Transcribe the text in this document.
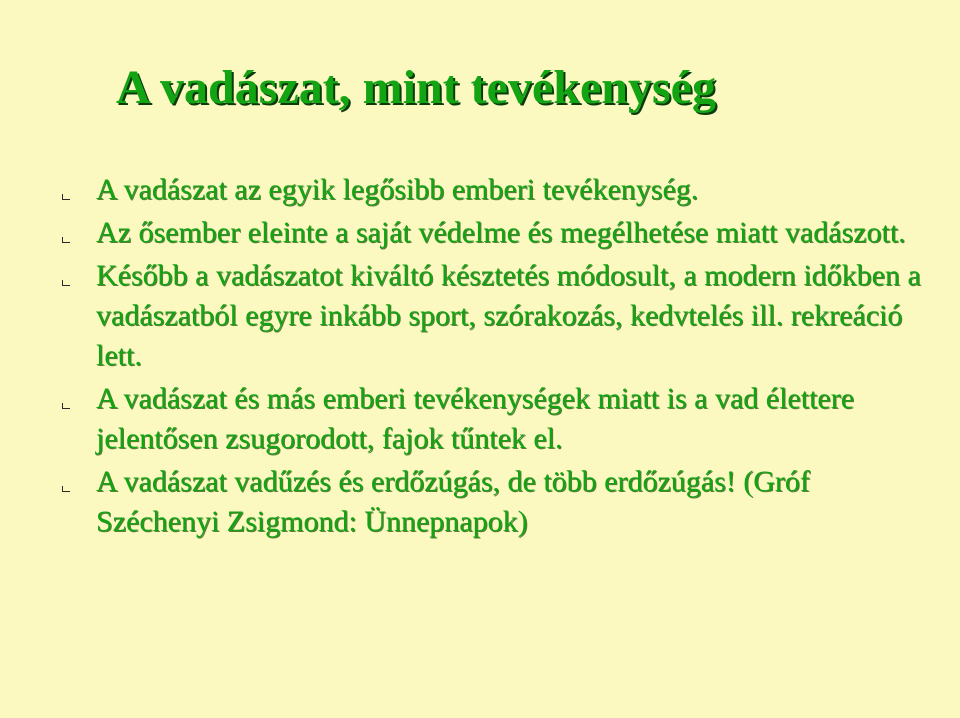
A vadászat, mint tevékenység
A vadászat az egyik legősibb emberi tevékenység.
Az ősember eleinte a saját védelme és megélhetése miatt vadászott.
Később a vadászatot kiváltó késztetés módosult, a modern időkben a vadászatból egyre inkább sport, szórakozás, kedvtelés ill. rekreáció lett.
A vadászat és más emberi tevékenységek miatt is a vad élettere jelentősen zsugorodott, fajok tűntek el.
A vadászat vadűzés és erdőzúgás, de több erdőzúgás! (Gróf Széchenyi Zsigmond: Ünnepnapok)
